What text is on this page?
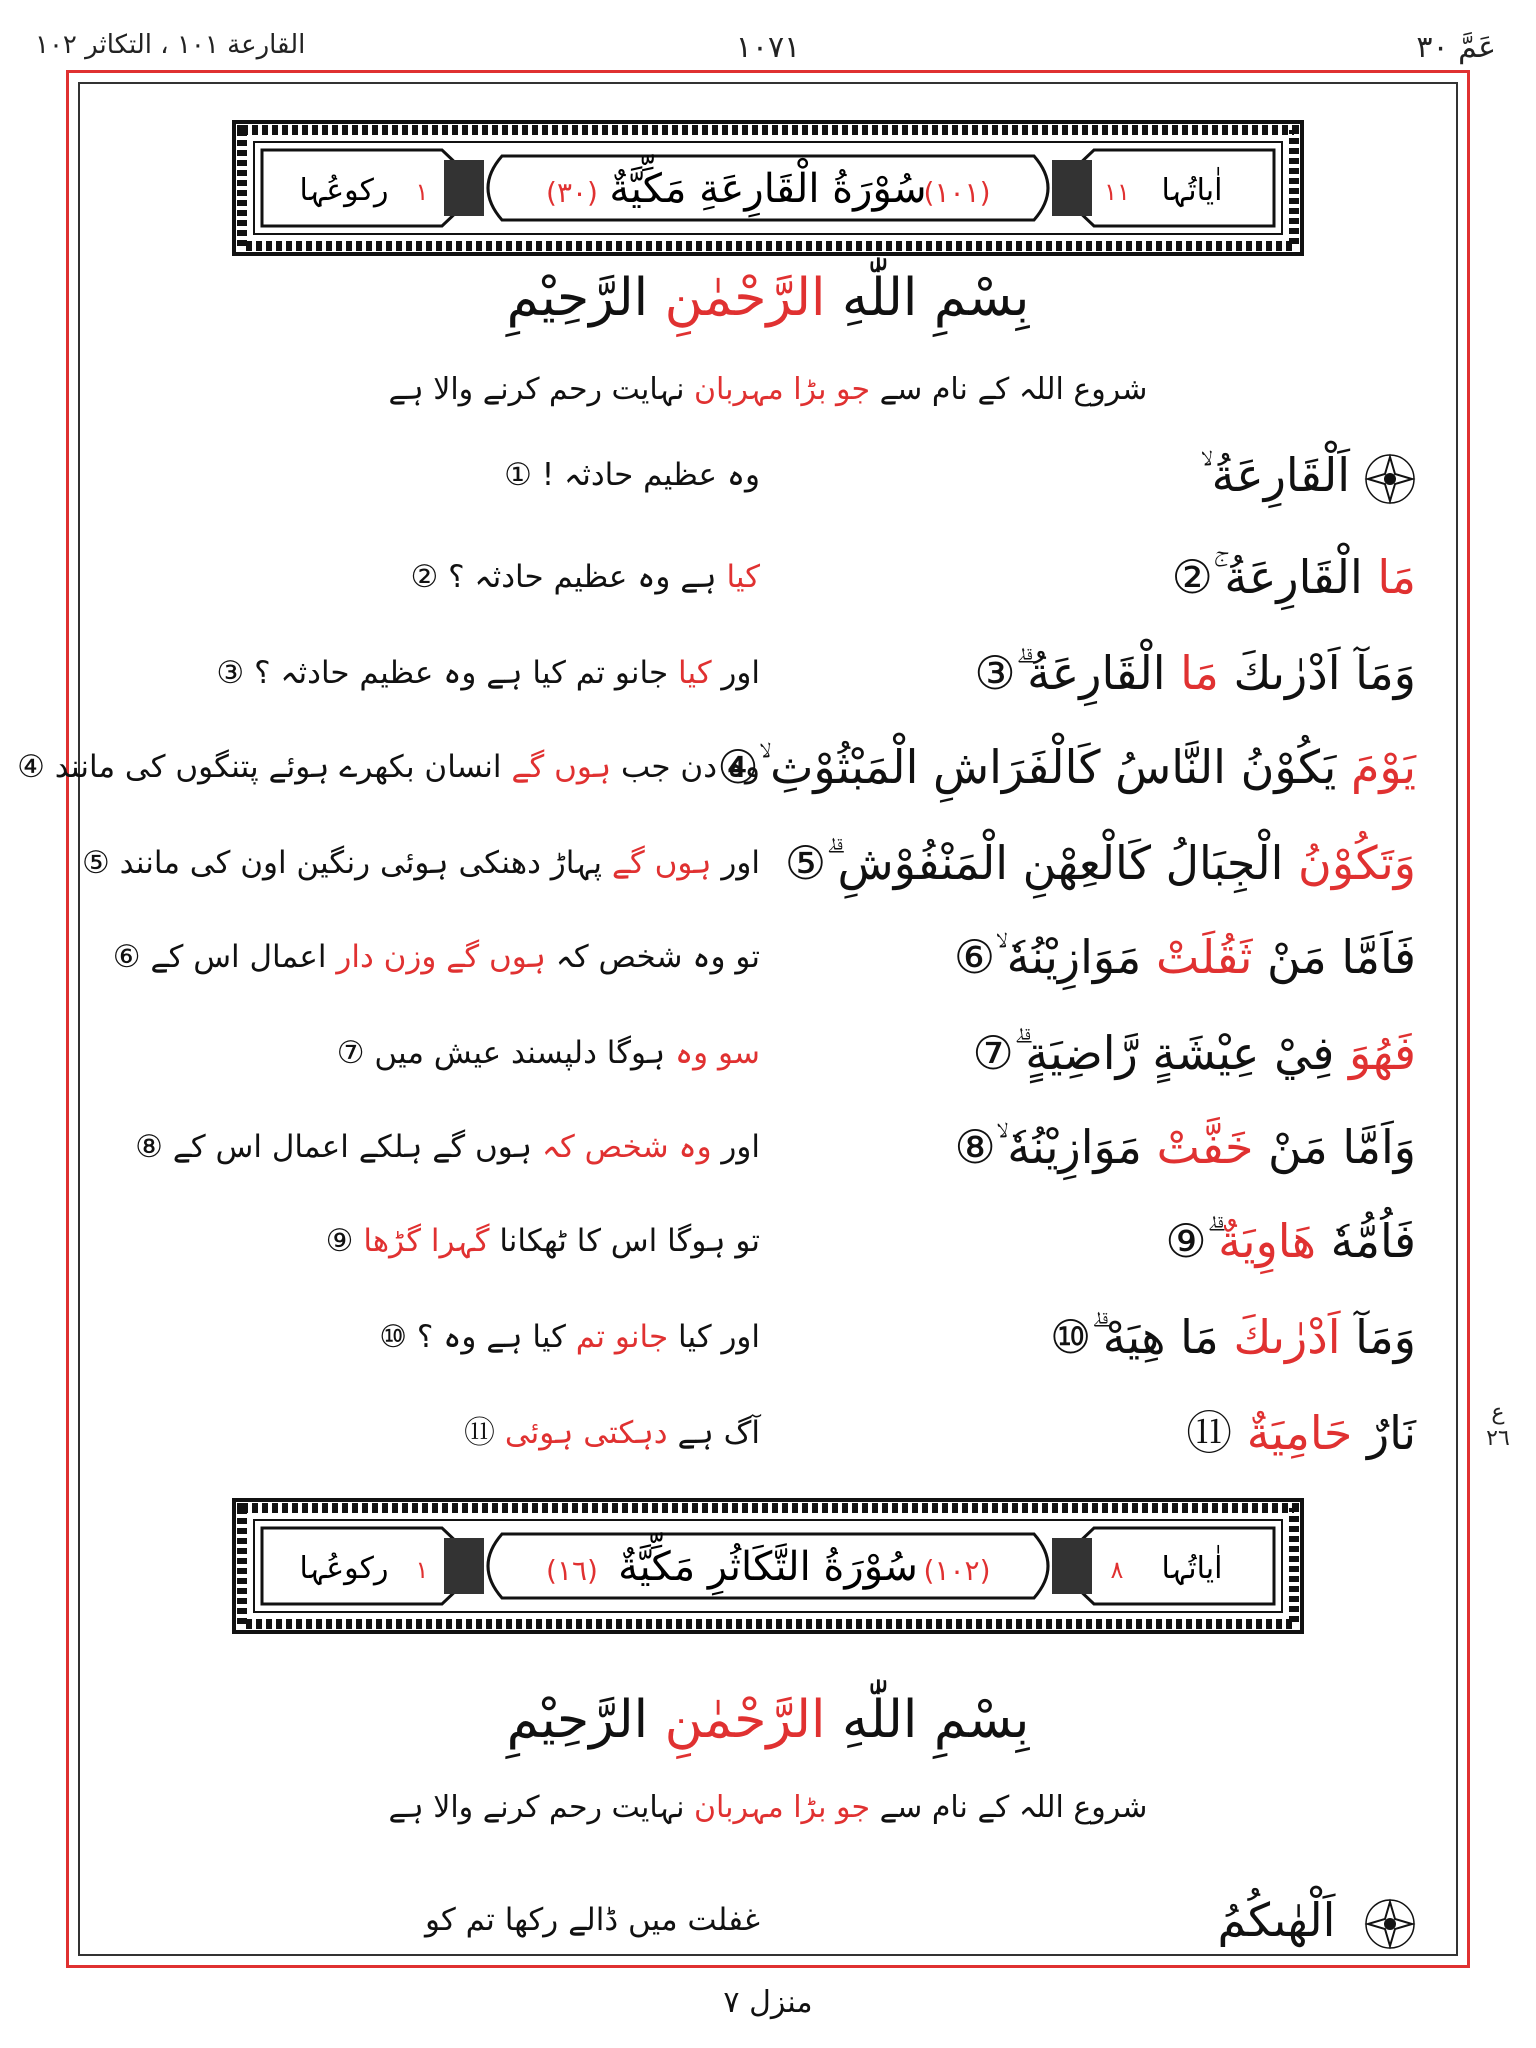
عَمَّ ٣٠
١٠٧١
القارعة ١٠١ ، التكاثر ١٠٢
سُوْرَةُ الْقَارِعَةِ مَكِّيَّةٌ
(١٠١)
(٣٠)	اٰیاتُہا
١١
رکوعُہا ١
بِسْمِ اللّٰهِ الرَّحْمٰنِ الرَّحِيْمِ
شروع اللہ کے نام سے جو بڑا مہربان نہایت رحم کرنے والا ہے
اَلْقَارِعَةُ ۙ
وہ عظیم حادثہ ! ①
مَا الْقَارِعَةُ ۚ②
کیا ہے وہ عظیم حادثہ ؟ ②
وَمَآ اَدْرٰىكَ مَا الْقَارِعَةُ ۗ③
اور کیا جانو تم کیا ہے وہ عظیم حادثہ ؟ ③
يَوْمَ يَكُوْنُ النَّاسُ كَالْفَرَاشِ الْمَبْثُوْثِ ۙ④
وہ دن جب ہوں گے انسان بکھرے ہوئے پتنگوں کی مانند ④
وَتَكُوْنُ الْجِبَالُ كَالْعِهْنِ الْمَنْفُوْشِ ۗ⑤
اور ہوں گے پہاڑ دھنکی ہوئی رنگین اون کی مانند ⑤
فَاَمَّا مَنْ ثَقُلَتْ مَوَازِيْنُهٗ ۙ⑥
تو وہ شخص کہ ہوں گے وزن دار اعمال اس کے ⑥
فَهُوَ فِيْ عِيْشَةٍ رَّاضِيَةٍ ۗ⑦
سو وہ ہوگا دلپسند عیش میں ⑦
وَاَمَّا مَنْ خَفَّتْ مَوَازِيْنُهٗ ۙ⑧
اور وہ شخص کہ ہوں گے ہلکے اعمال اس کے ⑧
فَاُمُّهٗ هَاوِيَةٌ ۗ⑨
تو ہوگا اس کا ٹھکانا گہرا گڑھا ⑨
وَمَآ اَدْرٰىكَ مَا هِيَهْ ۗ⑩
اور کیا جانو تم کیا ہے وہ ؟ ⑩
نَارٌ حَامِيَةٌ ⑪
آگ ہے دہکتی ہوئی ⑪
ع ٢٦
سُوْرَةُ التَّكَاثُرِ مَكِّيَّةٌ (١٠٢)
(١٦)	اٰیاتُہا
٨
رکوعُہا ١
بِسْمِ اللّٰهِ الرَّحْمٰنِ الرَّحِيْمِ
شروع اللہ کے نام سے جو بڑا مہربان نہایت رحم کرنے والا ہے
اَلْهٰىكُمُ
غفلت میں ڈالے رکھا تم کو
منزل ٧
